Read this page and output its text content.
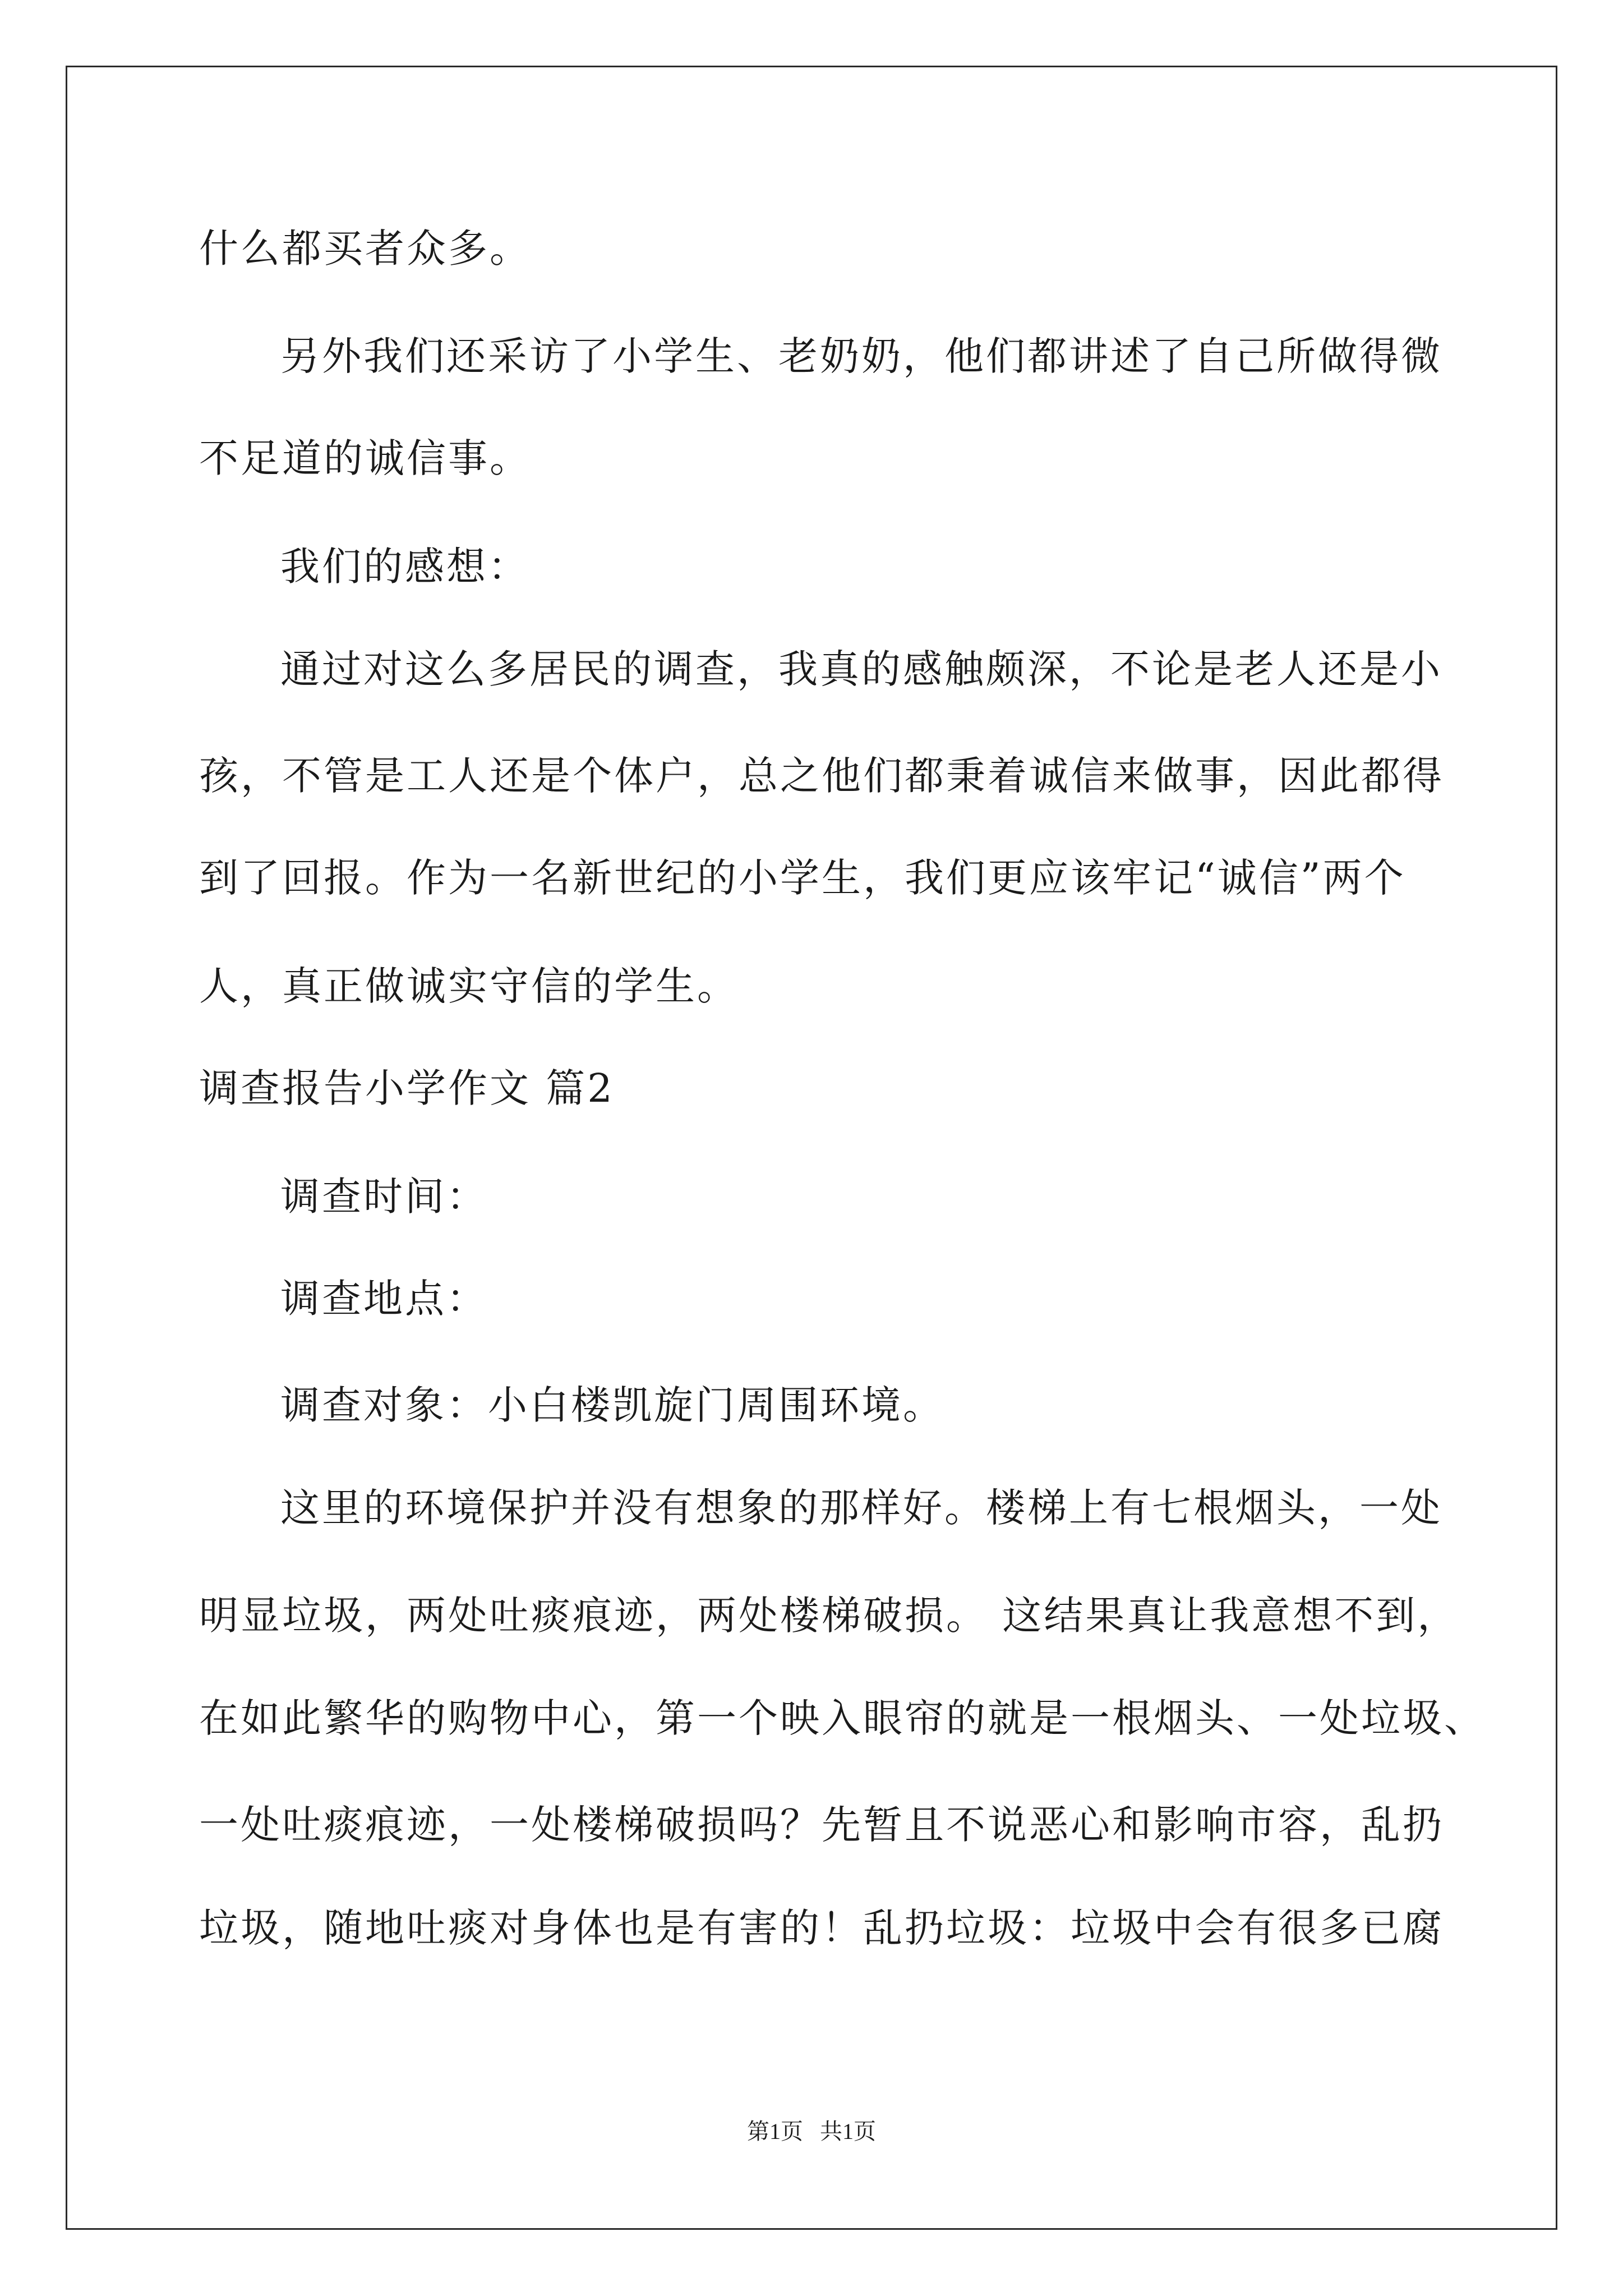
什么都买者众多。
另外我们还采访了小学生、老奶奶，他们都讲述了自己所做得微
不足道的诚信事。
我们的感想：
通过对这么多居民的调查，我真的感触颇深，不论是老人还是小
孩，不管是工人还是个体户，总之他们都秉着诚信来做事，因此都得
到了回报。作为一名新世纪的小学生，我们更应该牢记“诚信”两个
人，真正做诚实守信的学生。
调查报告小学作文 篇2
调查时间：
调查地点：
调查对象：小白楼凯旋门周围环境。
这里的环境保护并没有想象的那样好。楼梯上有七根烟头，一处
明显垃圾，两处吐痰痕迹，两处楼梯破损。 这结果真让我意想不到，
在如此繁华的购物中心，第一个映入眼帘的就是一根烟头、一处垃圾、
一处吐痰痕迹，一处楼梯破损吗？先暂且不说恶心和影响市容，乱扔
垃圾，随地吐痰对身体也是有害的！乱扔垃圾：垃圾中会有很多已腐
第1页   共1页
